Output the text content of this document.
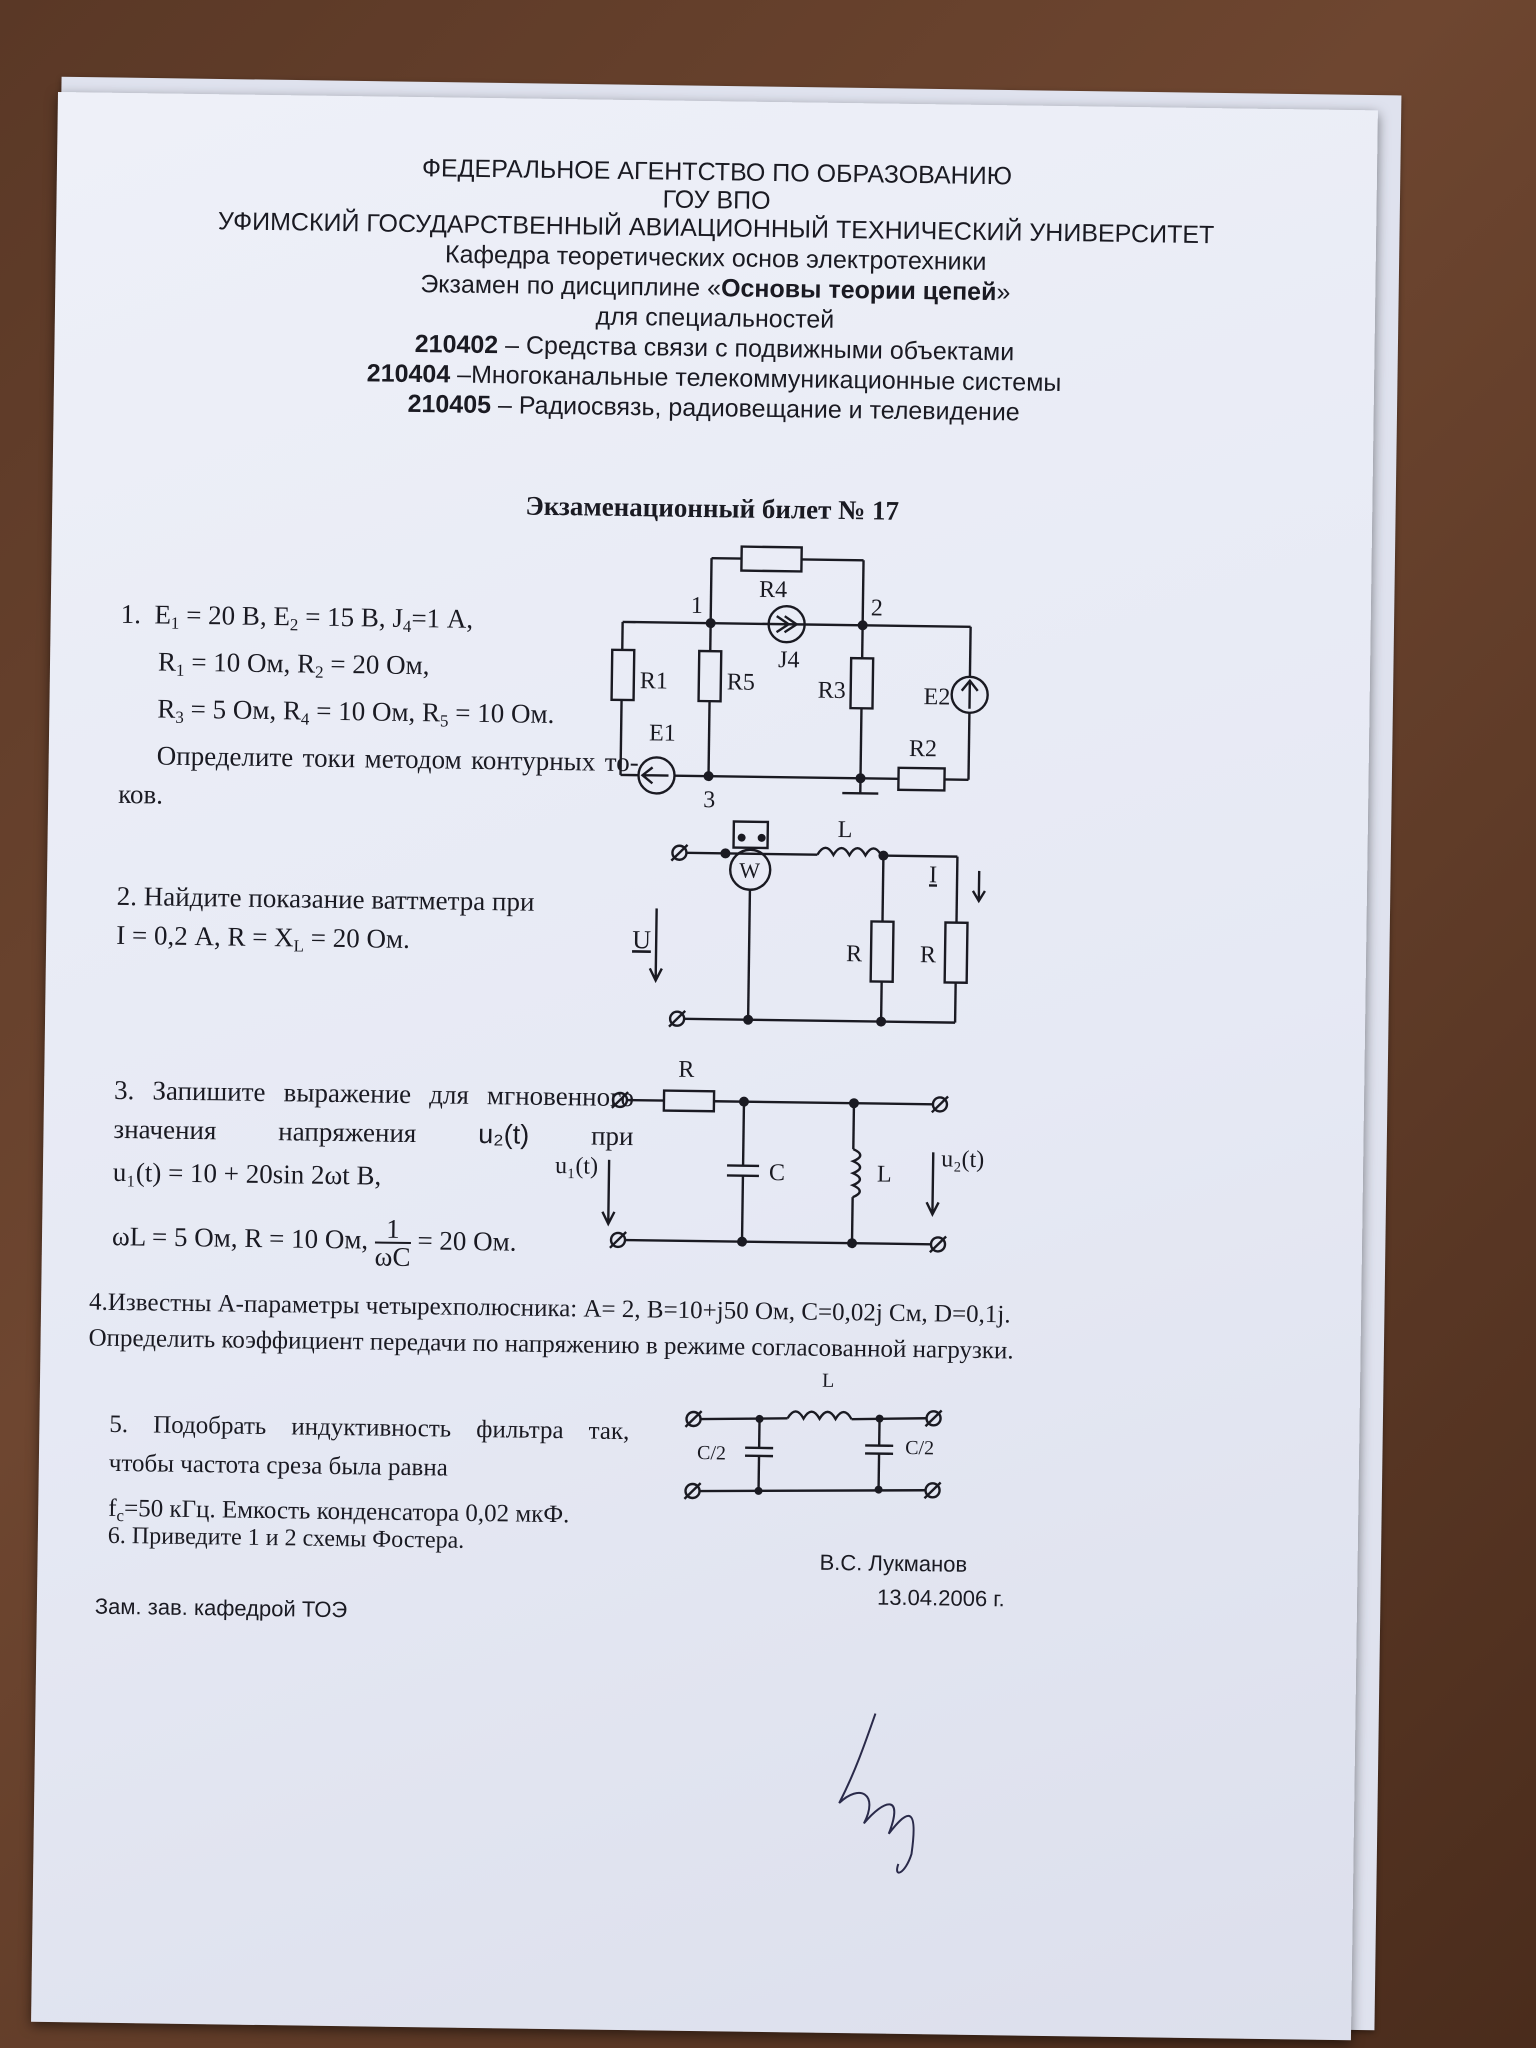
ФЕДЕРАЛЬНОЕ АГЕНТСТВО ПО ОБРАЗОВАНИЮ
ГОУ ВПО
УФИМСКИЙ ГОСУДАРСТВЕННЫЙ АВИАЦИОННЫЙ ТЕХНИЧЕСКИЙ УНИВЕРСИТЕТ
Кафедра теоретических основ электротехники
Экзамен по дисциплине «Основы теории цепей»
для специальностей
210402 – Средства связи с подвижными объектами
210404 –Многоканальные телекоммуникационные системы
210405 – Радиосвязь, радиовещание и телевидение
Экзаменационный билет № 17

1. $E_1 = 20$ В, $E_2 = 15$ В, $J_4=1$ А,

$R_1 = 10$ Ом, $R_2 = 20$ Ом,

$R_3 = 5$ Ом, $R_4 = 10$ Ом, $R_5 = 10$ Ом.

Определите токи методом контурных то-

ков.

R4
1	2
J4
R1 R5	R3	E2
E1
R2
3

2. Найдите показание ваттметра при

I = 0,2 А, $R = X_L = 20$ Ом.

W
L
R R
I
U

3. Запишите выражение для мгновенного

значения напряжения u₂(t) при

u₁(t) = 10 + 20sin 2ωt В,

ωL = 5 Ом, R = 10 Ом, $\frac{1}{\omega C} = 20$ Ом.

R
C	L
u₁(t)	u₂(t)

4.Известны А-параметры четырехполюсника: A= 2, B=10+j50 Ом, C=0,02j См, D=0,1j.

Определить коэффициент передачи по напряжению в режиме согласованной нагрузки.

5. Подобрать индуктивность фильтра так,

чтобы частота среза была равна

$f_c=50$ кГц. Емкость конденсатора 0,02 мкФ.

L
C/2	C/2
6. Приведите 1 и 2 схемы Фостера.
Зам. зав. кафедрой ТОЭ
В.С. Лукманов
13.04.2006 г.
